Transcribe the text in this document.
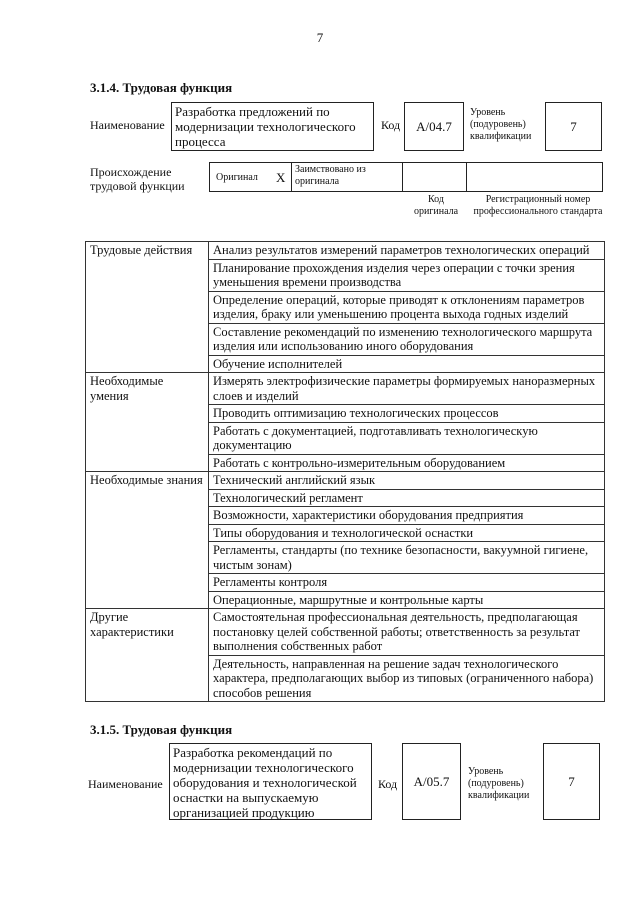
7
3.1.4. Трудовая функция
Наименование
Разработка предложений по модернизации технологического процесса
Код A/04.7
Уровень (подуровень) квалификации
7
Происхождение трудовой функции
Оригинал X
Заимствовано из оригинала
Код оригинала
Регистрационный номер профессионального стандарта
Трудовые действия	Анализ результатов измерений параметров технологических операций
	Планирование прохождения изделия через операции с точки зрения уменьшения времени производства
	Определение операций, которые приводят к отклонениям параметров изделия, браку или уменьшению процента выхода годных изделий
	Составление рекомендаций по изменению технологического маршрута изделия или использованию иного оборудования
	Обучение исполнителей
Необходимые умения	Измерять электрофизические параметры формируемых наноразмерных слоев и изделий
	Проводить оптимизацию технологических процессов
	Работать с документацией, подготавливать технологическую документацию
	Работать с контрольно-измерительным оборудованием
Необходимые знания	Технический английский язык
	Технологический регламент
	Возможности, характеристики оборудования предприятия
	Типы оборудования и технологической оснастки
	Регламенты, стандарты (по технике безопасности, вакуумной гигиене, чистым зонам)
	Регламенты контроля
	Операционные, маршрутные и контрольные карты
Другие характеристики	Самостоятельная профессиональная деятельность, предполагающая постановку целей собственной работы; ответственность за результат выполнения собственных работ
	Деятельность, направленная на решение задач технологического характера, предполагающих выбор из типовых (ограниченного набора) способов решения
3.1.5. Трудовая функция
Наименование
Разработка рекомендаций по модернизации технологического оборудования и технологической оснастки на выпускаемую организацией продукцию
Код A/05.7
Уровень (подуровень) квалификации
7
